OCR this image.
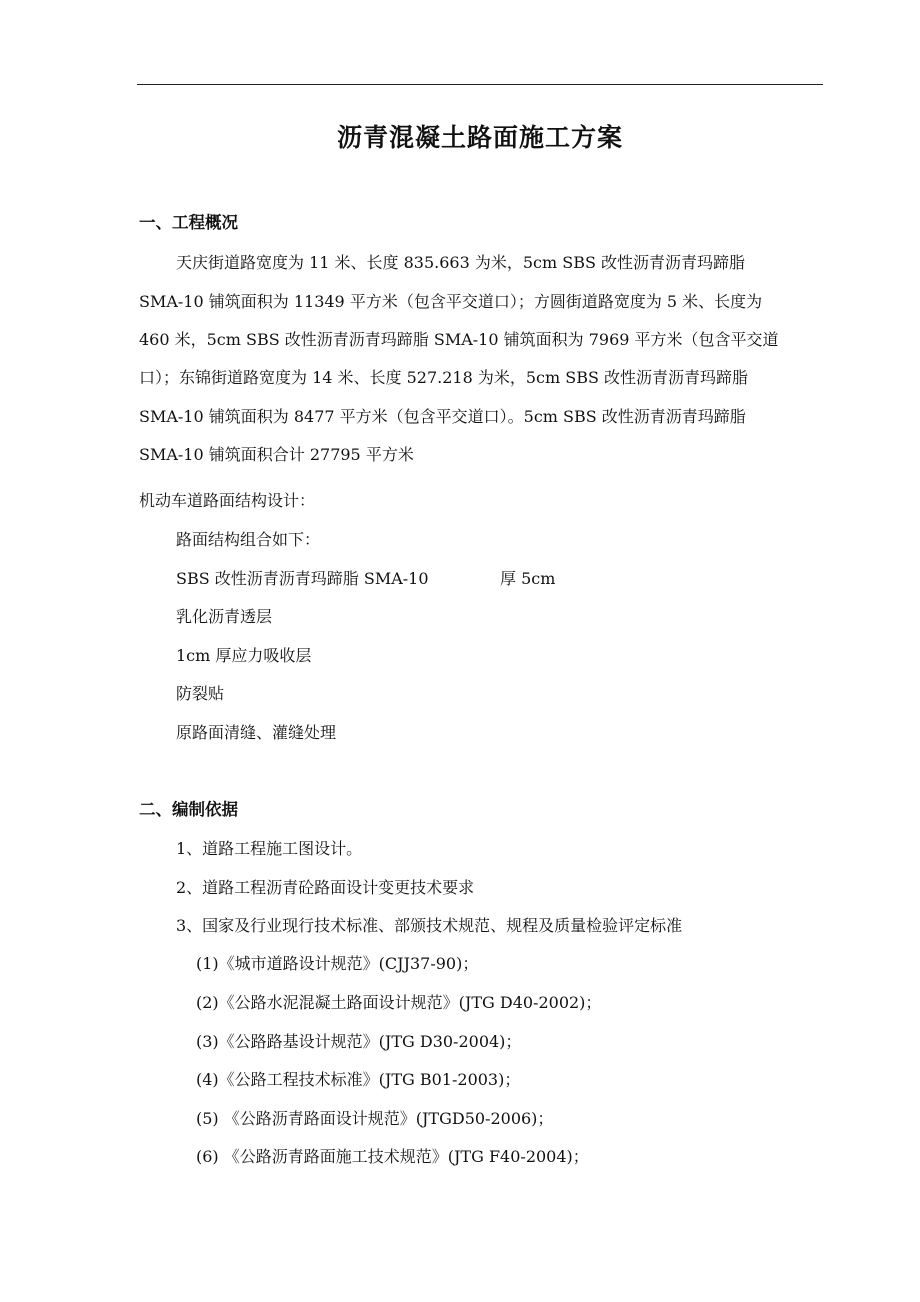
沥青混凝土路面施工方案
一、工程概况
天庆街道路宽度为 11 米、长度 835.663 为米，5cm SBS 改性沥青沥青玛蹄脂
SMA-10 铺筑面积为 11349 平方米（包含平交道口）；方圆街道路宽度为 5 米、长度为
460 米，5cm SBS 改性沥青沥青玛蹄脂 SMA-10 铺筑面积为 7969 平方米（包含平交道
口）；东锦街道路宽度为 14 米、长度 527.218 为米，5cm SBS 改性沥青沥青玛蹄脂
SMA-10 铺筑面积为 8477 平方米（包含平交道口）。5cm SBS 改性沥青沥青玛蹄脂
SMA-10 铺筑面积合计 27795 平方米
机动车道路面结构设计：
路面结构组合如下：
SBS 改性沥青沥青玛蹄脂 SMA-10	厚 5cm
乳化沥青透层
1cm 厚应力吸收层
防裂贴
原路面清缝、灌缝处理
二、编制依据
1、道路工程施工图设计。
2、道路工程沥青砼路面设计变更技术要求
3、国家及行业现行技术标准、部颁技术规范、规程及质量检验评定标准
(1)《城市道路设计规范》(CJJ37-90)；
(2)《公路水泥混凝土路面设计规范》(JTG D40-2002)；
(3)《公路路基设计规范》(JTG D30-2004)；
(4)《公路工程技术标准》(JTG B01-2003)；
(5) 《公路沥青路面设计规范》(JTGD50-2006)；
(6) 《公路沥青路面施工技术规范》(JTG F40-2004)；
